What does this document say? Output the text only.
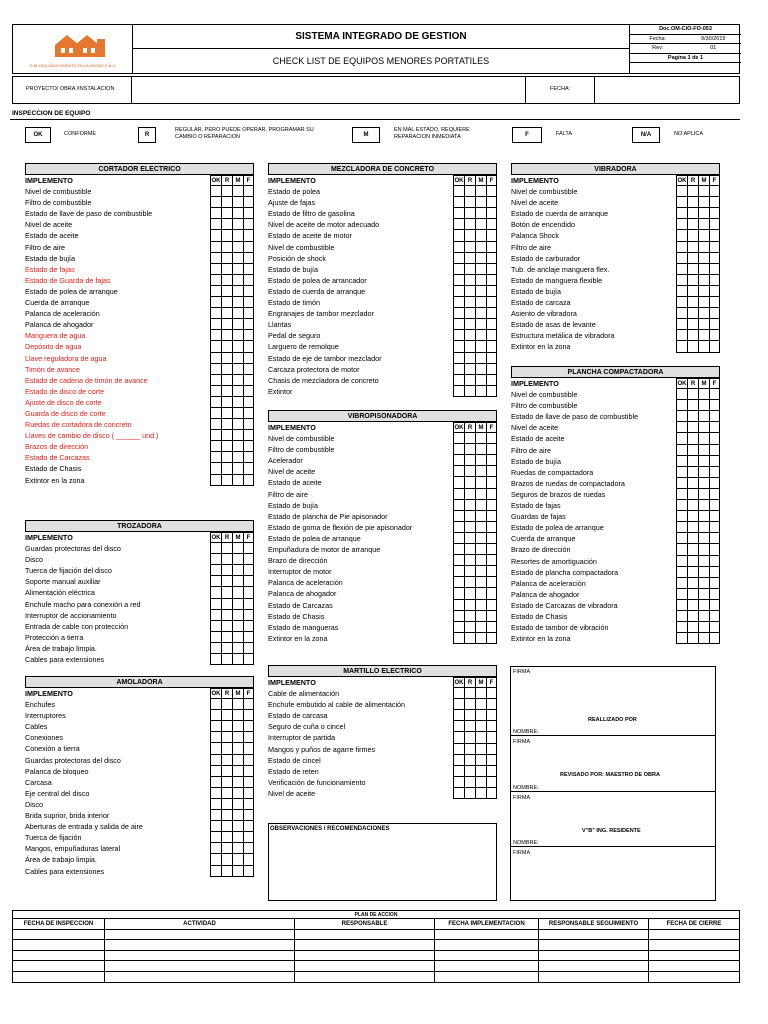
G.M. DELGADO PUENTE EN LA VEGAS C.A.C.
SISTEMA INTEGRADO DE GESTION
CHECK LIST DE EQUIPOS MENORES PORTATILES
Doc.OM-CIO-FO-053
Fecha:	9/30/2019
Rev:	01
Pagina 1 de 1
PROYECTO/ OBRA /INSTALACION	FECHA:
INSPECCION DE EQUIPO
OK	CONFORME	R
REGULAR, PERO PUEDE OPERAR. PROGRAMAR SU CAMBIO O REPARACION	M
EN MAL ESTADO, REQUIERE REPARACION INMEDIATA	F	FALTA	N/A	NO APLICA
CORTADOR ELECTRICO
IMPLEMENTO	OK R	M	F
Nivel de combustible
Filtro de combustible
Estado de llave de paso de combustible
Nivel de aceite
Estado de aceite
Filtro de aire
Estado de bujía
Estado de fajas
Estado de Guarda de fajas
Estado de polea de arranque
Cuerda de arranque
Palanca de aceleración
Palanca de ahogador
Manguera de agua
Depósito de agua
Llave reguladora de agua
Timón de avance
Estado de cadena de timón de avance
Estado de disco de corte
Ajuste de disco de corte
Guarda de disco de corte
Ruedas de cortadora de concreto
Llaves de cambio de disco ( ______ und.)
Brazos de dirección
Estado de Carcazas
Estado de Chasis
Extintor en la zona
TROZADORA
IMPLEMENTO	OK R	M	F
Guardas protectoras del disco
Disco
Tuerca de fijación del disco
Soporte manual auxiliar
Alimentación eléctrica
Enchufe macho para conexión a red
Interruptor de accionamiento
Entrada de cable con protección
Protección a tierra
Área de trabajo limpia.
Cables para extensiones
AMOLADORA
IMPLEMENTO	OK R	M	F
Enchufes
Interruptores
Cables
Conexiones
Conexión a tierra
Guardas protectoras del disco
Palanca de bloqueo
Carcasa
Eje central del disco
Disco
Brida suprior, brida interior
Aberturas de entrada y salida de aire
Tuerca de fijación
Mangos, empuñaduras lateral
Área de trabajo limpia.
Cables para extensiones
MEZCLADORA DE CONCRETO
IMPLEMENTO	OK R	M	F
Estado de polea
Ajuste de fajas
Estado de filtro de gasolina
Nivel de aceite de motor adecuado
Estado de aceite de motor
Nivel de combustible
Posición de shock
Estado de bujía
Estado de polea de arrancador
Estado de cuerda de arranque
Estado de timón
Engranajes de tambor mezclador
Llantas
Pedal de seguro
Larguero de remolque
Estado de eje de tambor mezclador
Carcaza protectora de motor
Chasis de mezcladora de concreto
Extintor
VIBROPISONADORA
IMPLEMENTO	OK R	M	F
Nivel de combustible
Filtro de combustible
Acelerador
Nivel de aceite
Estado de aceite
Filtro de aire
Estado de bujía
Estado de plancha de Pie apisonador
Estado de goma de flexión de pie apisonador
Estado de polea de arranque
Empuñadura de motor de arranque
Brazo de dirección
Interruptor de motor
Palanca de aceleración
Palanca de ahogador
Estado de Carcazas
Estado de Chasis
Estado de mangueras
Extintor en la zona
MARTILLO ELECTRICO
IMPLEMENTO	OK R	M	F
Cable de alimentación
Enchufe embutido al cable de alimentación
Estado de carcasa
Seguro de cuña o cincel
Interruptor de partida
Mangos y puños de agarre firmes
Estado de cincel
Estado de reten
Verificación de funcionamiento
Nivel de aceite
VIBRADORA
IMPLEMENTO	OK R	M	F
Nivel de combustible
Nivel de aceite
Estado de cuerda de arranque
Botón de encendido
Palanca Shock
Filtro de aire
Estado de carburador
Tub. de anclaje manguera flex.
Estado de manguera flexible
Estado de bujía
Estado de carcaza
Asiento de vibradora
Estado de asas de levante
Estructura metálica de vibradora
Extintor en la zona
PLANCHA COMPACTADORA
IMPLEMENTO	OK R	M	F
Nivel de combustible
Filtro de combustible
Estado de llave de paso de combustible
Nivel de aceite
Estado de aceite
Filtro de aire
Estado de bujía
Ruedas de compactadora
Brazos de ruedas de compactadora
Seguros de brazos de ruedas
Estado de fajas
Guardas de fajas
Estado de polea de arranque
Cuerda de arranque
Brazo de dirección
Resortes de amortiguación
Estado de plancha compactadora
Palanca de aceleración
Palanca de ahogador
Estado de Carcazas de vibradora
Estado de Chasis
Estado de tambor de vibración
Extintor en la zona
OBSERVACIONES / RECOMENDACIONES
FIRMA
REALLIZADO POR
NOMBRE:
FIRMA
REVISADO POR: MAESTRO DE OBRA
NOMBRE:
FIRMA
V"B" ING. RESIDENTE
NOMBRE:
FIRMA
PLAN DE ACCION
FECHA DE INSPECCION	ACTIVIDAD	RESPONSABLE	FECHA IMPLEMENTACION	RESPONSABLE SEGUIMIENTO	FECHA DE CIERRE
